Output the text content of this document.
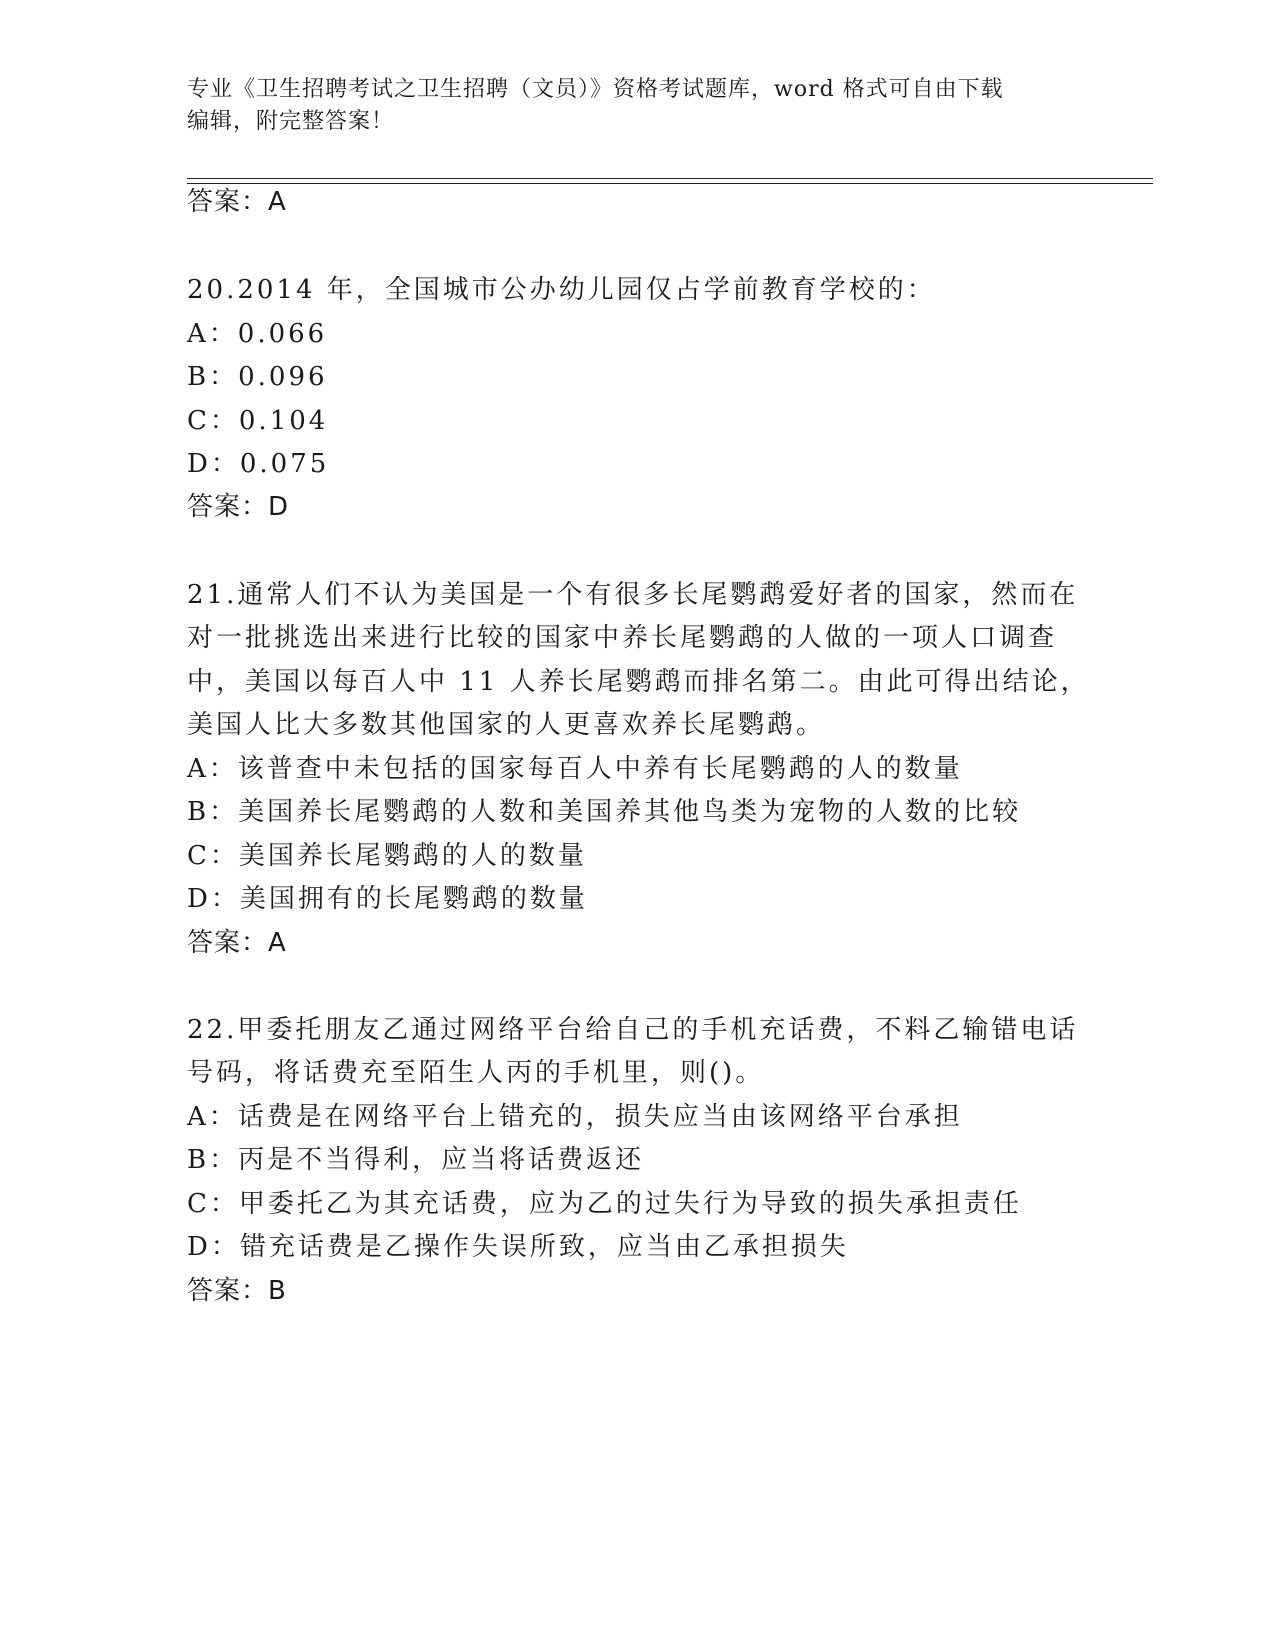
专业《卫生招聘考试之卫生招聘（文员）》资格考试题库，word 格式可自由下载
编辑，附完整答案！
答案：A
20.2014 年，全国城市公办幼儿园仅占学前教育学校的：
A：0.066
B：0.096
C：0.104
D：0.075
答案：D
21.通常人们不认为美国是一个有很多长尾鹦鹉爱好者的国家，然而在
对一批挑选出来进行比较的国家中养长尾鹦鹉的人做的一项人口调查
中，美国以每百人中 11 人养长尾鹦鹉而排名第二。由此可得出结论，
美国人比大多数其他国家的人更喜欢养长尾鹦鹉。
A：该普查中未包括的国家每百人中养有长尾鹦鹉的人的数量
B：美国养长尾鹦鹉的人数和美国养其他鸟类为宠物的人数的比较
C：美国养长尾鹦鹉的人的数量
D：美国拥有的长尾鹦鹉的数量
答案：A
22.甲委托朋友乙通过网络平台给自己的手机充话费，不料乙输错电话
号码，将话费充至陌生人丙的手机里，则()。
A：话费是在网络平台上错充的，损失应当由该网络平台承担
B：丙是不当得利，应当将话费返还
C：甲委托乙为其充话费，应为乙的过失行为导致的损失承担责任
D：错充话费是乙操作失误所致，应当由乙承担损失
答案：B
